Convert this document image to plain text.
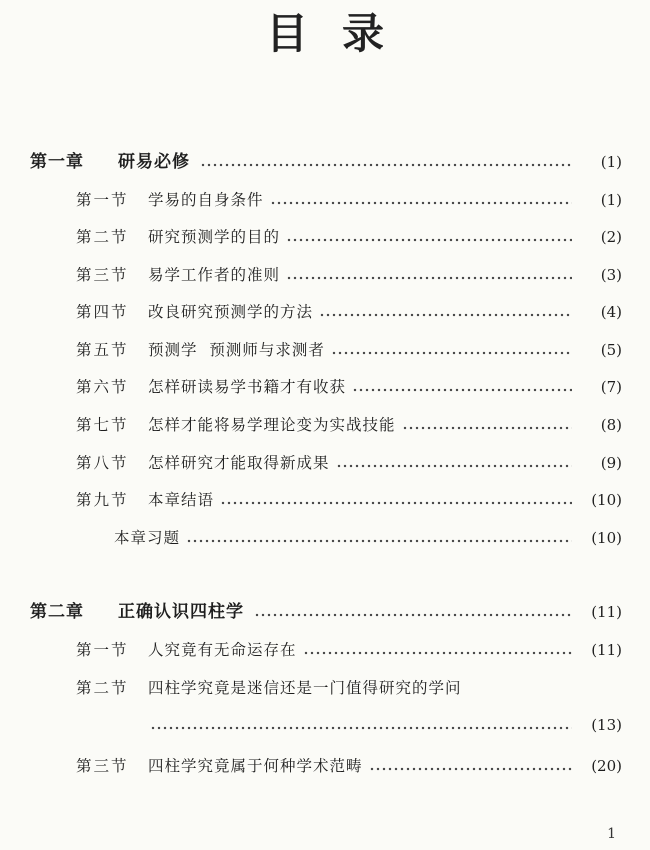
目录
第一章	研易必修	(1)
第一节	学易的自身条件	(1)
第二节	研究预测学的目的	(2)
第三节	易学工作者的准则	(3)
第四节	改良研究预测学的方法	(4)
第五节	预测学  预测师与求测者	(5)
第六节	怎样研读易学书籍才有收获	(7)
第七节	怎样才能将易学理论变为实战技能	(8)
第八节	怎样研究才能取得新成果	(9)
第九节	本章结语	(10)
本章习题	(10)
第二章	正确认识四柱学	(11)
第一节	人究竟有无命运存在	(11)
第二节	四柱学究竟是迷信还是一门值得研究的学问
(13)
第三节	四柱学究竟属于何种学术范畴	(20)
1
